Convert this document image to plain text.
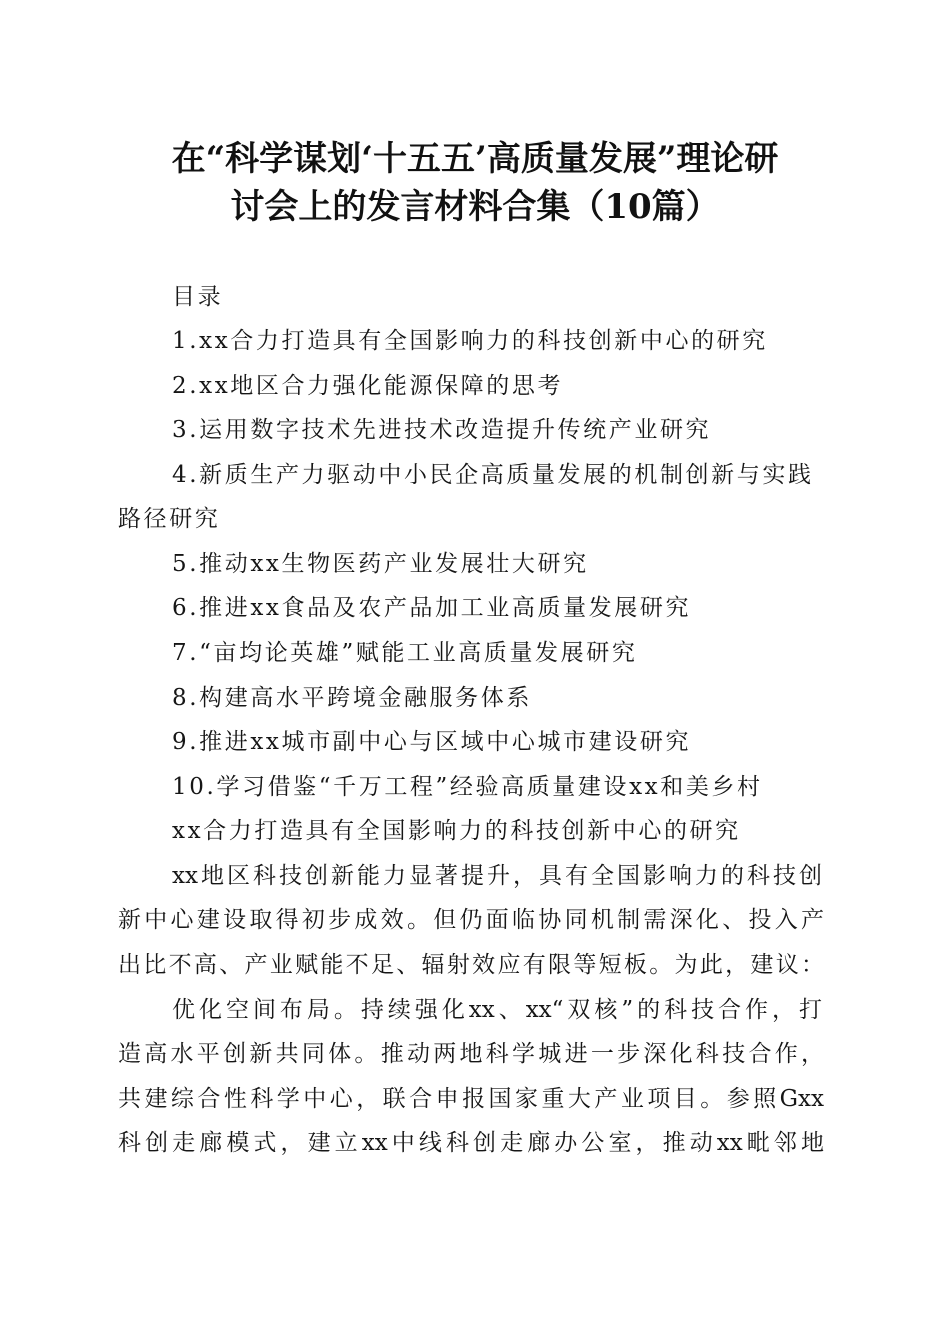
在“科学谋划‘十五五’高质量发展”理论研
讨会上的发言材料合集（10篇）
目录
1.xx合力打造具有全国影响力的科技创新中心的研究
2.xx地区合力强化能源保障的思考
3.运用数字技术先进技术改造提升传统产业研究
4.新质生产力驱动中小民企高质量发展的机制创新与实践
路径研究
5.推动xx生物医药产业发展壮大研究
6.推进xx食品及农产品加工业高质量发展研究
7.“亩均论英雄”赋能工业高质量发展研究
8.构建高水平跨境金融服务体系
9.推进xx城市副中心与区域中心城市建设研究
10.学习借鉴“千万工程”经验高质量建设xx和美乡村
xx合力打造具有全国影响力的科技创新中心的研究
xx地区科技创新能力显著提升，具有全国影响力的科技创
新中心建设取得初步成效。但仍面临协同机制需深化、投入产
出比不高、产业赋能不足、辐射效应有限等短板。为此，建议：
优化空间布局。持续强化xx、xx“双核”的科技合作，打
造高水平创新共同体。推动两地科学城进一步深化科技合作，
共建综合性科学中心，联合申报国家重大产业项目。参照Gxx
科创走廊模式，建立xx中线科创走廊办公室，推动xx毗邻地
